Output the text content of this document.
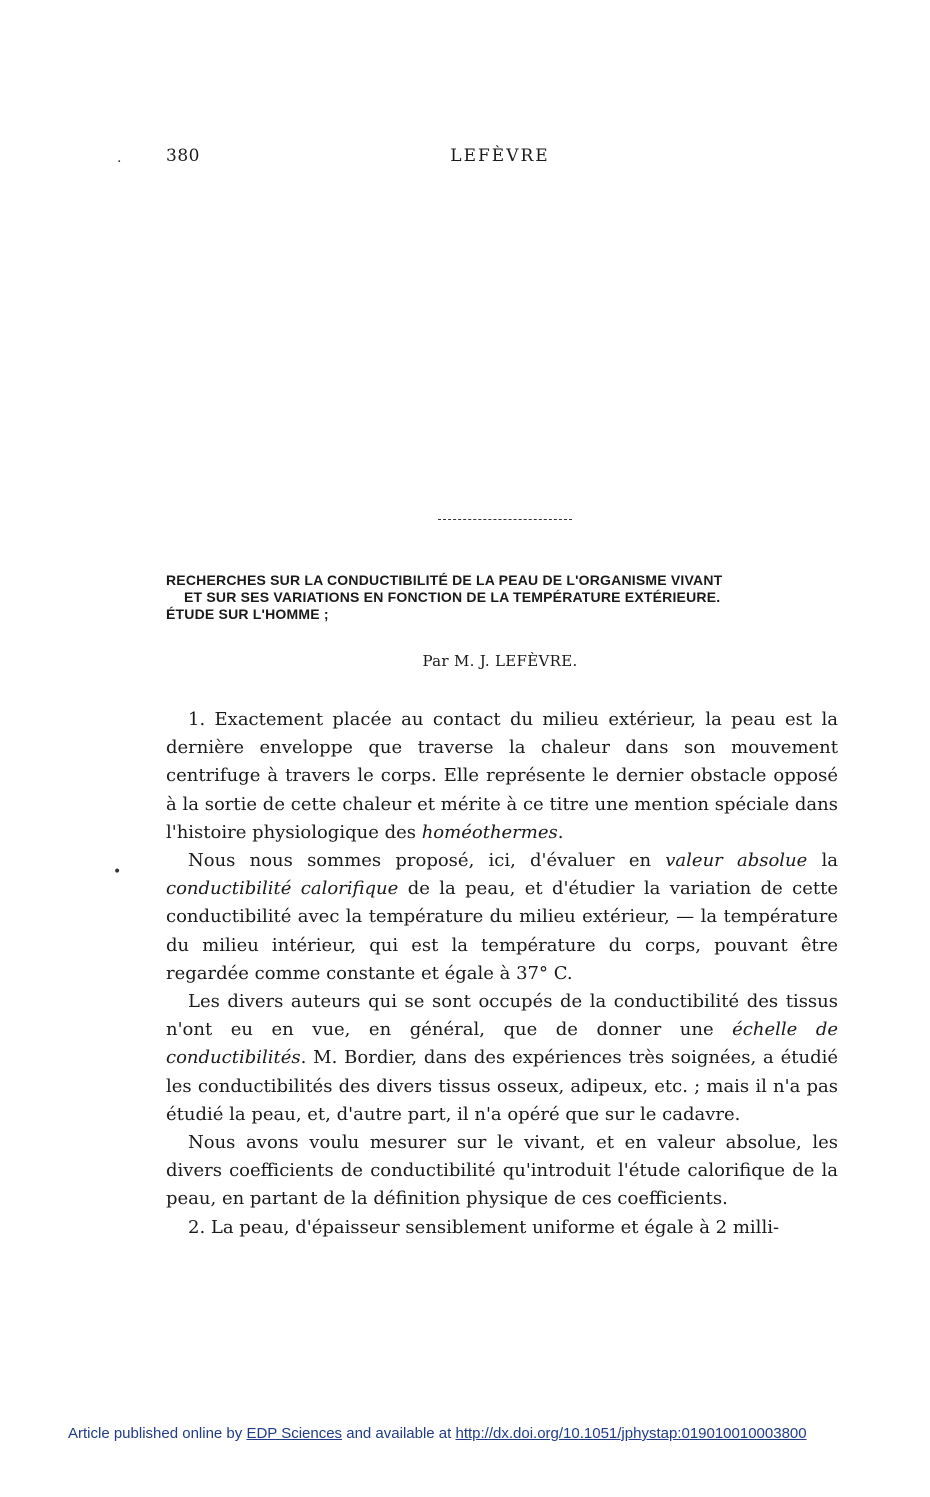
380	LEFÈVRE
.
RECHERCHES SUR LA CONDUCTIBILITÉ DE LA PEAU DE L'ORGANISME VIVANT
ET SUR SES VARIATIONS EN FONCTION DE LA TEMPÉRATURE EXTÉRIEURE.
ÉTUDE SUR L'HOMME ;
Par M. J. LEFÈVRE.
•

1. Exactement placée au contact du milieu extérieur, la peau est la dernière enveloppe que traverse la chaleur dans son mouvement centrifuge à travers le corps. Elle représente le dernier obstacle opposé à la sortie de cette chaleur et mérite à ce titre une mention spéciale dans l'histoire physiologique des homéothermes.

Nous nous sommes proposé, ici, d'évaluer en valeur absolue la conductibilité calorifique de la peau, et d'étudier la variation de cette conductibilité avec la température du milieu extérieur, — la température du milieu intérieur, qui est la température du corps, pouvant être regardée comme constante et égale à 37° C.

Les divers auteurs qui se sont occupés de la conductibilité des tissus n'ont eu en vue, en général, que de donner une échelle de conductibilités. M. Bordier, dans des expériences très soignées, a étudié les conductibilités des divers tissus osseux, adipeux, etc. ; mais il n'a pas étudié la peau, et, d'autre part, il n'a opéré que sur le cadavre.

Nous avons voulu mesurer sur le vivant, et en valeur absolue, les divers coefficients de conductibilité qu'introduit l'étude calorifique de la peau, en partant de la définition physique de ces coefficients.

2. La peau, d'épaisseur sensiblement uniforme et égale à 2 milli-

Article published online by EDP Sciences and available at http://dx.doi.org/10.1051/jphystap:019010010003800
